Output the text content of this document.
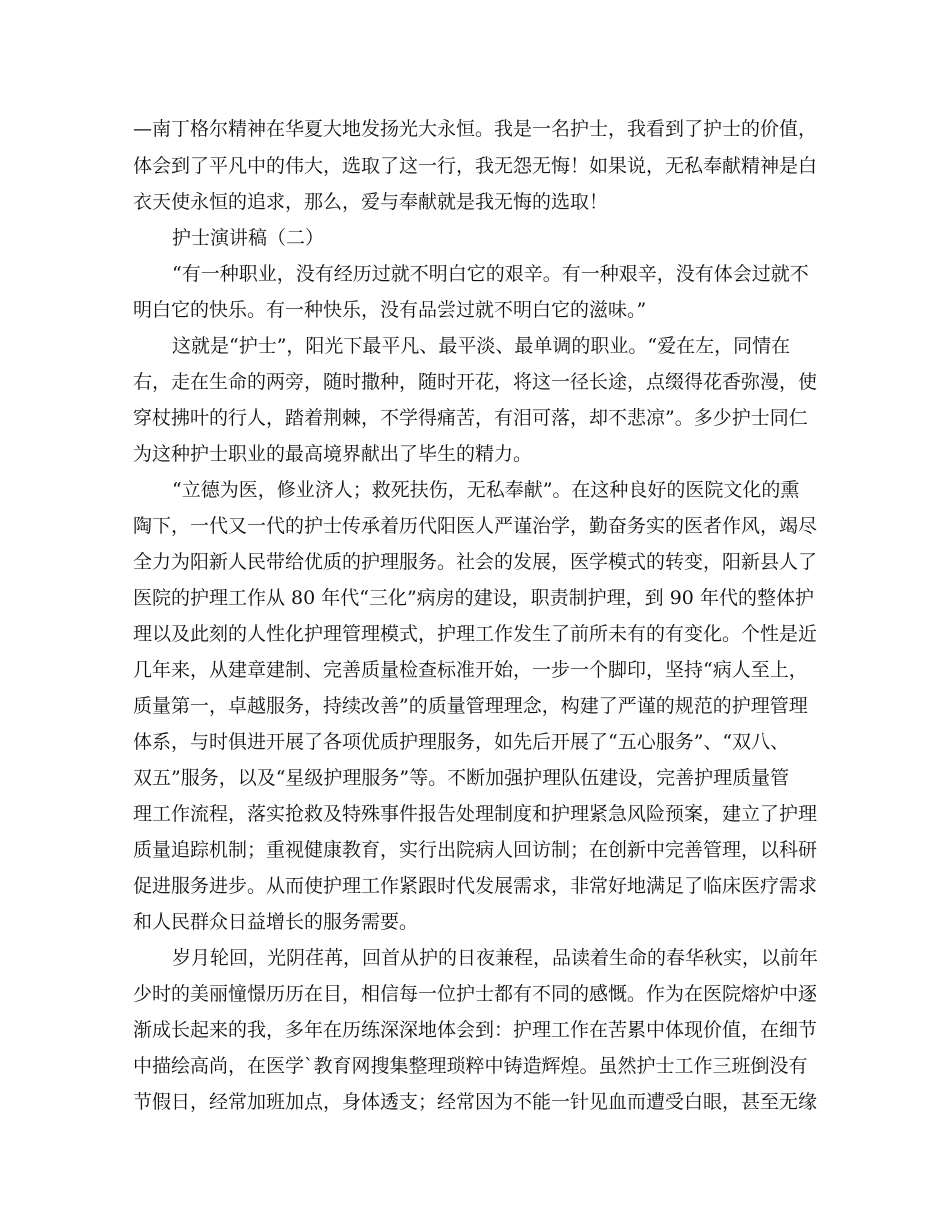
—南丁格尔精神在华夏大地发扬光大永恒。我是一名护士，我看到了护士的价值，
体会到了平凡中的伟大，选取了这一行，我无怨无悔！如果说，无私奉献精神是白
衣天使永恒的追求，那么，爱与奉献就是我无悔的选取！
护士演讲稿（二）
“有一种职业，没有经历过就不明白它的艰辛。有一种艰辛，没有体会过就不
明白它的快乐。有一种快乐，没有品尝过就不明白它的滋味。”
这就是“护士”，阳光下最平凡、最平淡、最单调的职业。“爱在左，同情在
右，走在生命的两旁，随时撒种，随时开花，将这一径长途，点缀得花香弥漫，使
穿杖拂叶的行人，踏着荆棘，不学得痛苦，有泪可落，却不悲凉”。多少护士同仁
为这种护士职业的最高境界献出了毕生的精力。
“立德为医，修业济人；救死扶伤，无私奉献”。在这种良好的医院文化的熏
陶下，一代又一代的护士传承着历代阳医人严谨治学，勤奋务实的医者作风，竭尽
全力为阳新人民带给优质的护理服务。社会的发展，医学模式的转变，阳新县人了
医院的护理工作从 80 年代“三化”病房的建设，职责制护理，到 90 年代的整体护
理以及此刻的人性化护理管理模式，护理工作发生了前所未有的有变化。个性是近
几年来，从建章建制、完善质量检查标准开始，一步一个脚印，坚持“病人至上，
质量第一，卓越服务，持续改善”的质量管理理念，构建了严谨的规范的护理管理
体系，与时俱进开展了各项优质护理服务，如先后开展了“五心服务”、“双八、
双五”服务，以及“星级护理服务”等。不断加强护理队伍建设，完善护理质量管
理工作流程，落实抢救及特殊事件报告处理制度和护理紧急风险预案，建立了护理
质量追踪机制；重视健康教育，实行出院病人回访制；在创新中完善管理，以科研
促进服务进步。从而使护理工作紧跟时代发展需求，非常好地满足了临床医疗需求
和人民群众日益增长的服务需要。
岁月轮回，光阴荏苒，回首从护的日夜兼程，品读着生命的春华秋实，以前年
少时的美丽憧憬历历在目，相信每一位护士都有不同的感慨。作为在医院熔炉中逐
渐成长起来的我，多年在历练深深地体会到：护理工作在苦累中体现价值，在细节
中描绘高尚，在医学`教育网搜集整理琐粹中铸造辉煌。虽然护士工作三班倒没有
节假日，经常加班加点，身体透支；经常因为不能一针见血而遭受白眼，甚至无缘
